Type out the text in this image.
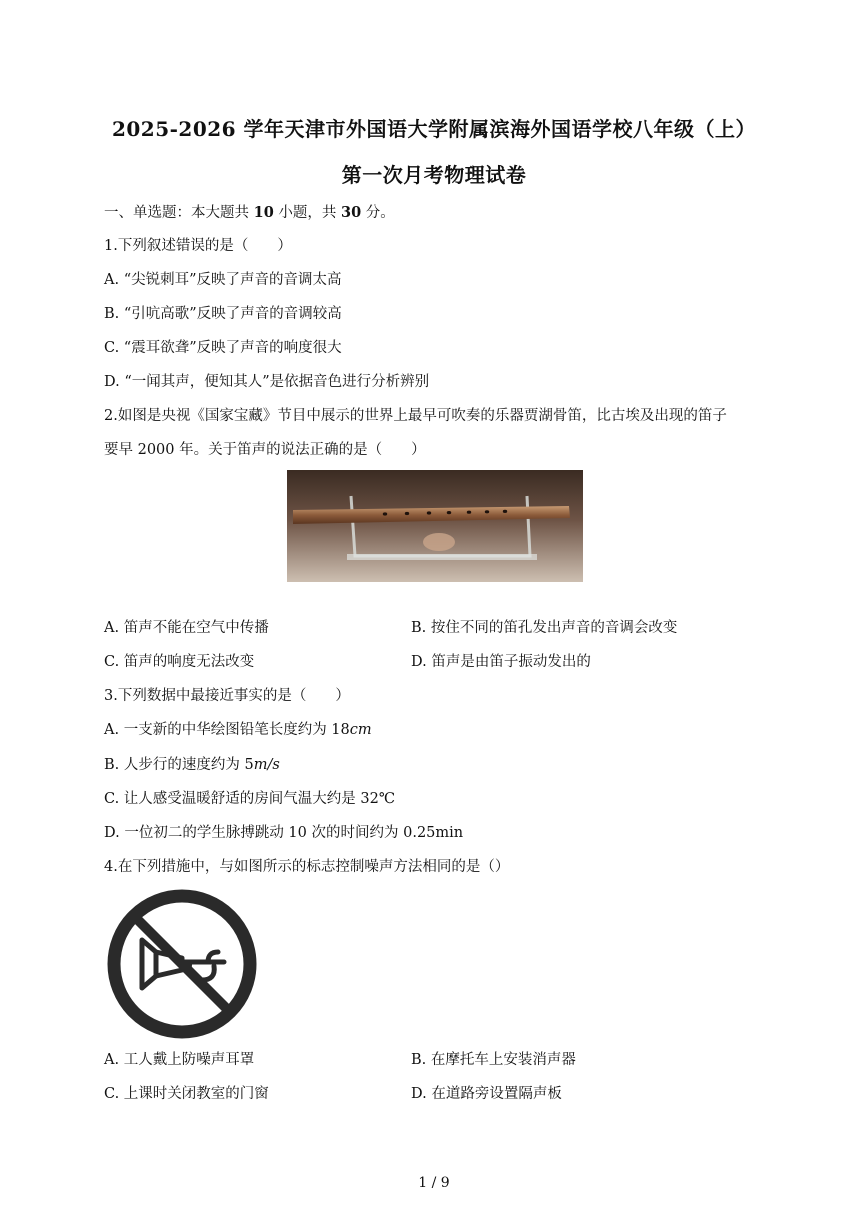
2025-2026 学年天津市外国语大学附属滨海外国语学校八年级（上）
第一次月考物理试卷
一、单选题：本大题共 10 小题，共 30 分。
1.下列叙述错误的是（　　）
A. “尖锐刺耳”反映了声音的音调太高
B. “引吭高歌”反映了声音的音调较高
C. “震耳欲聋”反映了声音的响度很大
D. “一闻其声，便知其人”是依据音色进行分析辨别
2.如图是央视《国家宝藏》节目中展示的世界上最早可吹奏的乐器贾湖骨笛，比古埃及出现的笛子
要早 2000 年。关于笛声的说法正确的是（　　）
A. 笛声不能在空气中传播	B. 按住不同的笛孔发出声音的音调会改变
C. 笛声的响度无法改变	D. 笛声是由笛子振动发出的
3.下列数据中最接近事实的是（　　）
A. 一支新的中华绘图铅笔长度约为 18cm
B. 人步行的速度约为 5m/s
C. 让人感受温暖舒适的房间气温大约是 32℃
D. 一位初二的学生脉搏跳动 10 次的时间约为 0.25min
4.在下列措施中，与如图所示的标志控制噪声方法相同的是（）
A. 工人戴上防噪声耳罩	B. 在摩托车上安装消声器
C. 上课时关闭教室的门窗	D. 在道路旁设置隔声板
1 / 9
